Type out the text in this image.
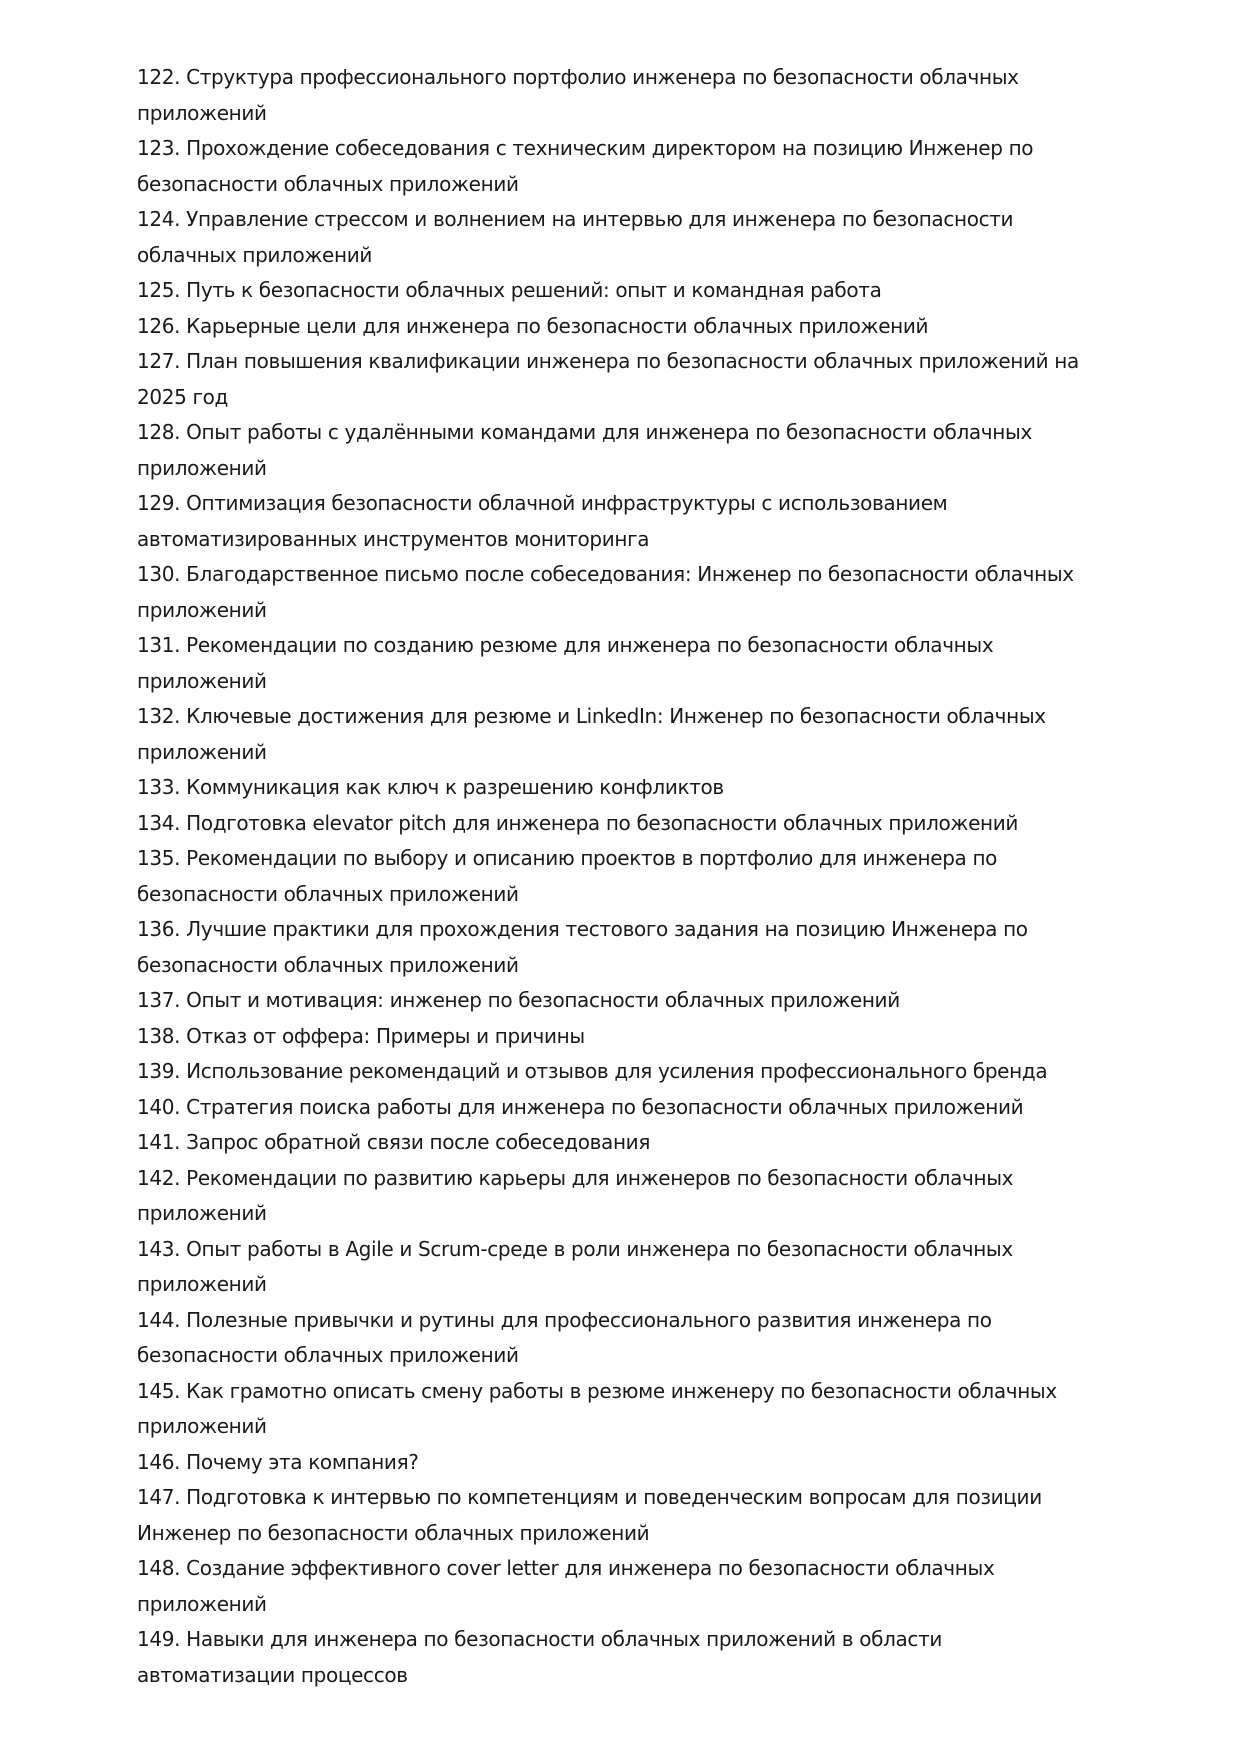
122. Структура профессионального портфолио инженера по безопасности облачных приложений
123. Прохождение собеседования с техническим директором на позицию Инженер по безопасности облачных приложений
124. Управление стрессом и волнением на интервью для инженера по безопасности облачных приложений
125. Путь к безопасности облачных решений: опыт и командная работа
126. Карьерные цели для инженера по безопасности облачных приложений
127. План повышения квалификации инженера по безопасности облачных приложений на 2025 год
128. Опыт работы с удалёнными командами для инженера по безопасности облачных приложений
129. Оптимизация безопасности облачной инфраструктуры с использованием автоматизированных инструментов мониторинга
130. Благодарственное письмо после собеседования: Инженер по безопасности облачных приложений
131. Рекомендации по созданию резюме для инженера по безопасности облачных приложений
132. Ключевые достижения для резюме и LinkedIn: Инженер по безопасности облачных приложений
133. Коммуникация как ключ к разрешению конфликтов
134. Подготовка elevator pitch для инженера по безопасности облачных приложений
135. Рекомендации по выбору и описанию проектов в портфолио для инженера по безопасности облачных приложений
136. Лучшие практики для прохождения тестового задания на позицию Инженера по безопасности облачных приложений
137. Опыт и мотивация: инженер по безопасности облачных приложений
138. Отказ от оффера: Примеры и причины
139. Использование рекомендаций и отзывов для усиления профессионального бренда
140. Стратегия поиска работы для инженера по безопасности облачных приложений
141. Запрос обратной связи после собеседования
142. Рекомендации по развитию карьеры для инженеров по безопасности облачных приложений
143. Опыт работы в Agile и Scrum-среде в роли инженера по безопасности облачных приложений
144. Полезные привычки и рутины для профессионального развития инженера по безопасности облачных приложений
145. Как грамотно описать смену работы в резюме инженеру по безопасности облачных приложений
146. Почему эта компания?
147. Подготовка к интервью по компетенциям и поведенческим вопросам для позиции Инженер по безопасности облачных приложений
148. Создание эффективного cover letter для инженера по безопасности облачных приложений
149. Навыки для инженера по безопасности облачных приложений в области автоматизации процессов
